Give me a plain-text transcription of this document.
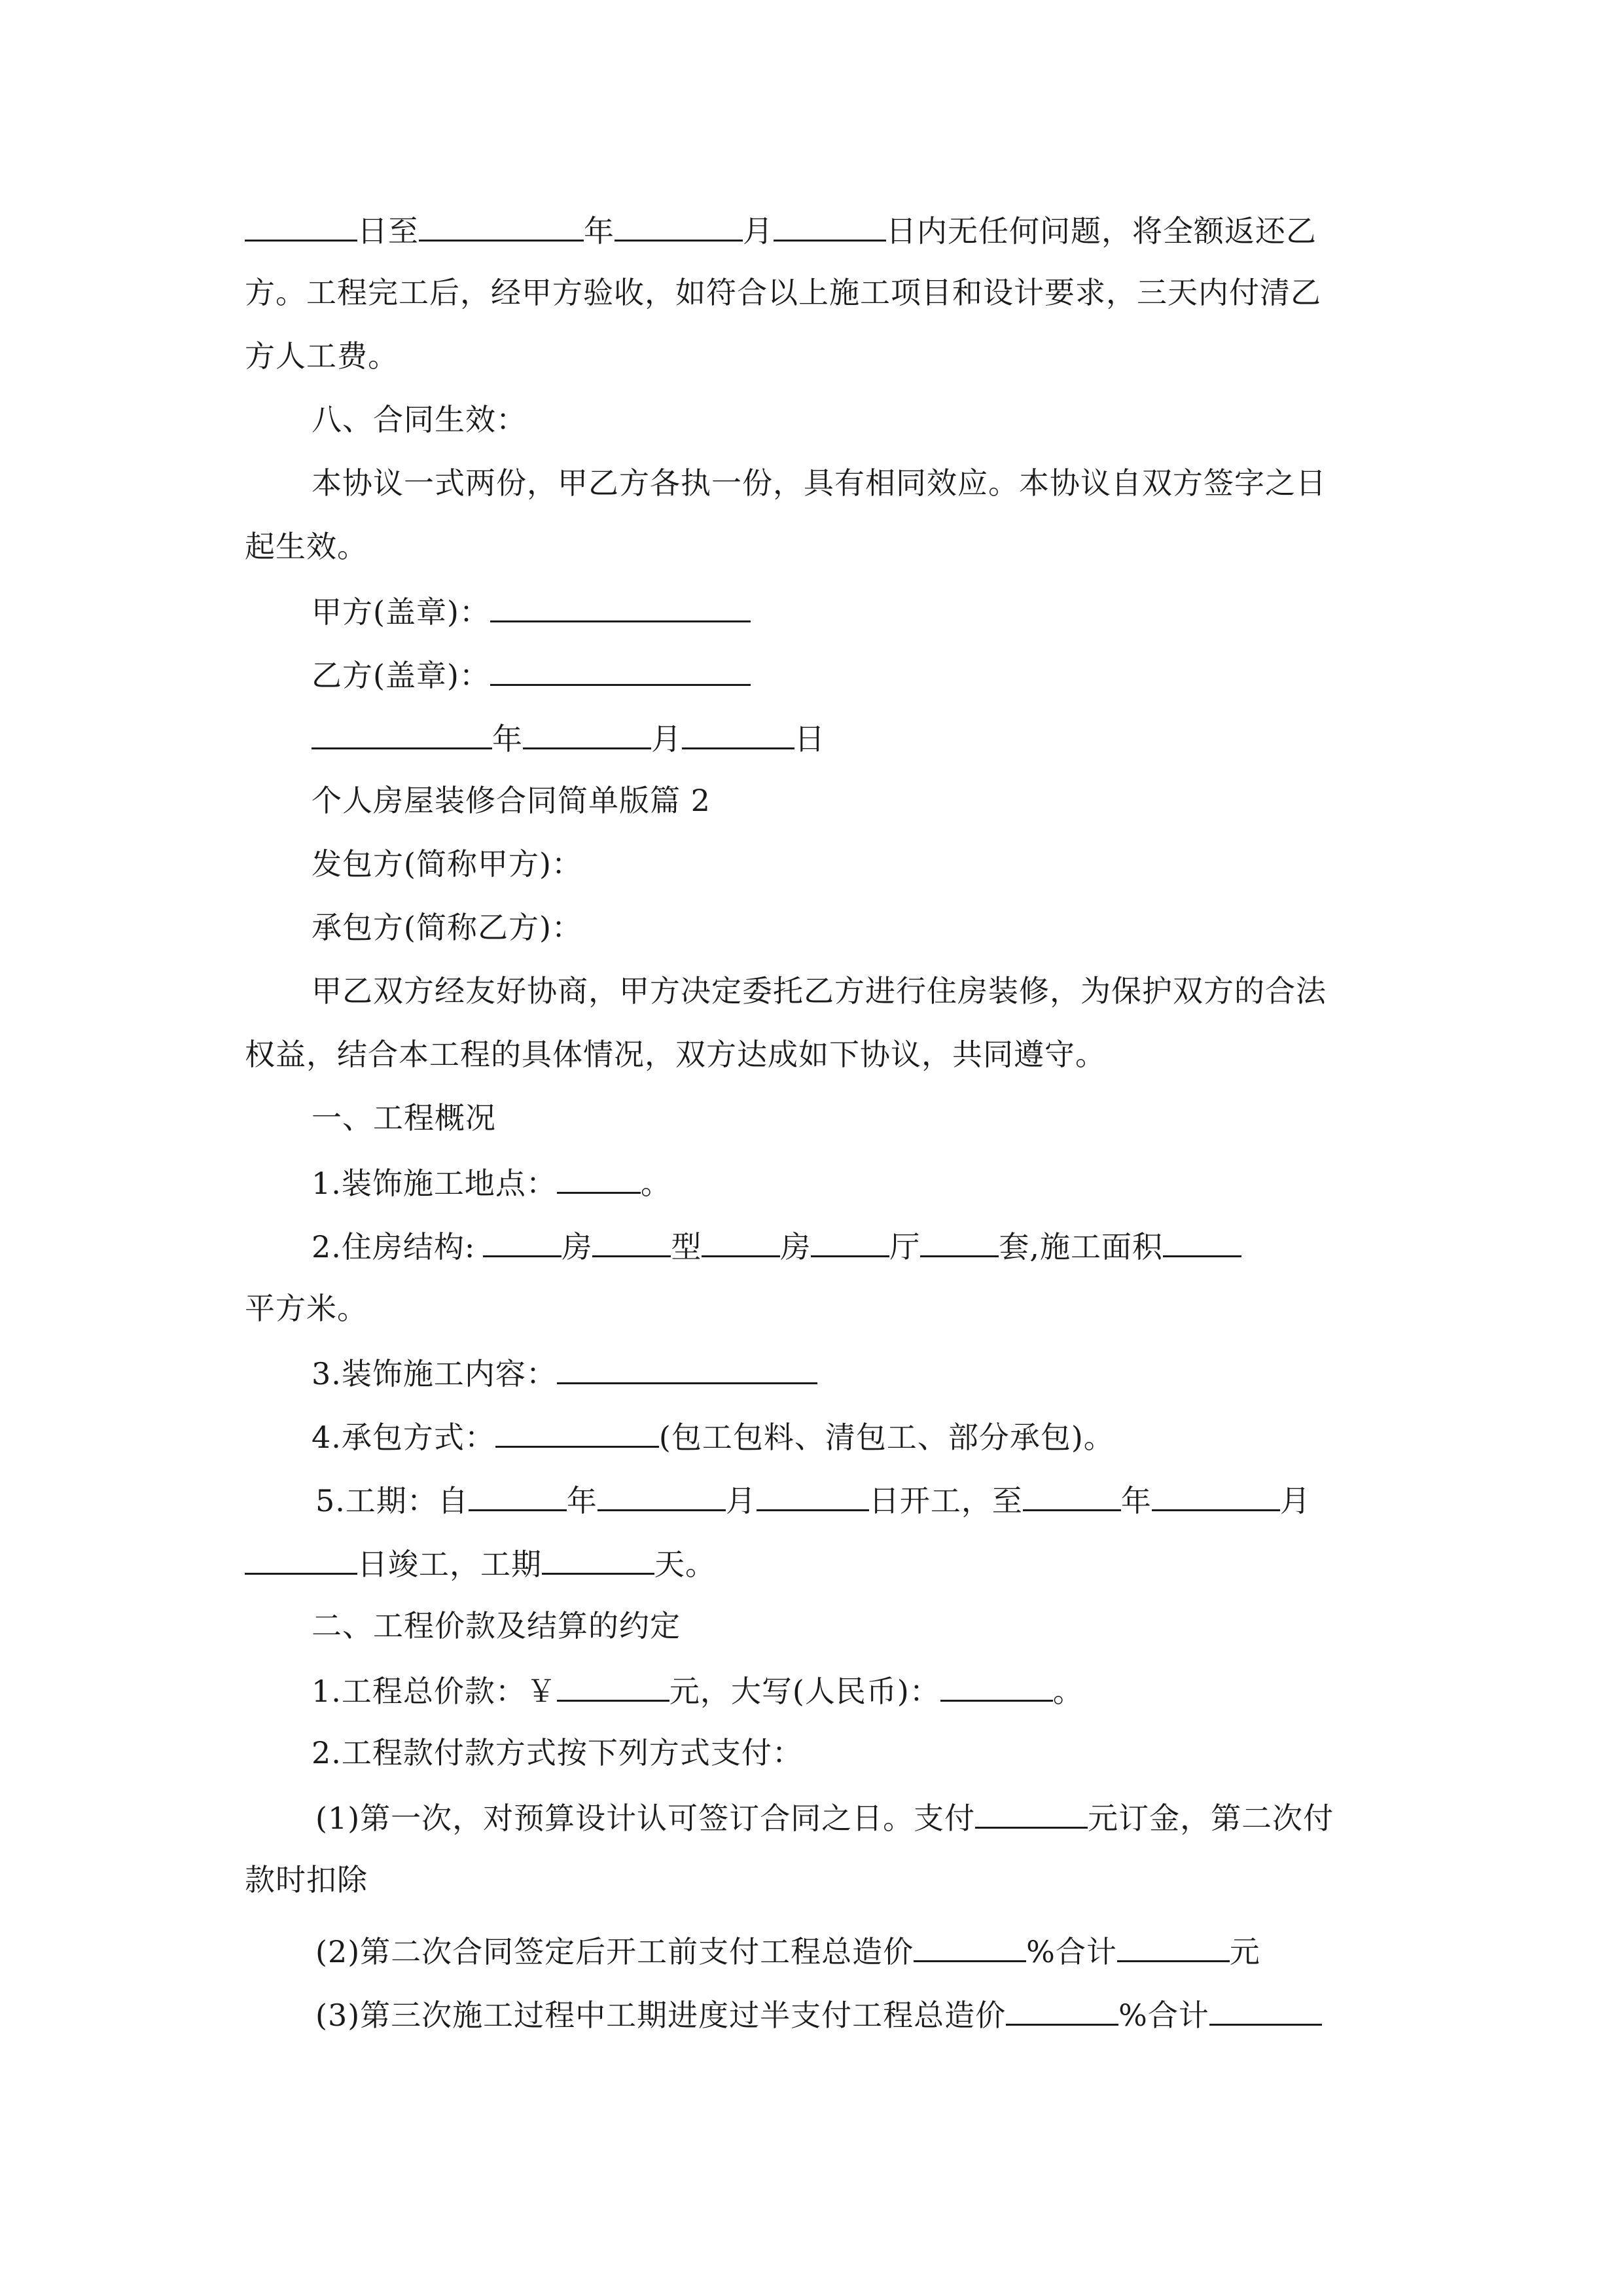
日至	年	月	日内无任何问题，将全额返还乙
方。工程完工后，经甲方验收，如符合以上施工项目和设计要求，三天内付清乙
方人工费。
八、合同生效：
本协议一式两份，甲乙方各执一份，具有相同效应。本协议自双方签字之日
起生效。
甲方(盖章)：
乙方(盖章)：
年	月	日
个人房屋装修合同简单版篇 2
发包方(简称甲方)：
承包方(简称乙方)：
甲乙双方经友好协商，甲方决定委托乙方进行住房装修，为保护双方的合法
权益，结合本工程的具体情况，双方达成如下协议，共同遵守。
一、工程概况
1.装饰施工地点：	。
2.住房结构:	房	型	房	厅	套,施工面积
平方米。
3.装饰施工内容：
4.承包方式：	(包工包料、清包工、部分承包)。
5.工期：自	年	月	日开工，至	年	月
日竣工，工期	天。
二、工程价款及结算的约定
1.工程总价款：￥	元，大写(人民币)：	。
2.工程款付款方式按下列方式支付：
(1)第一次，对预算设计认可签订合同之日。支付	元订金，第二次付
款时扣除
(2)第二次合同签定后开工前支付工程总造价	%合计	元
(3)第三次施工过程中工期进度过半支付工程总造价	%合计
